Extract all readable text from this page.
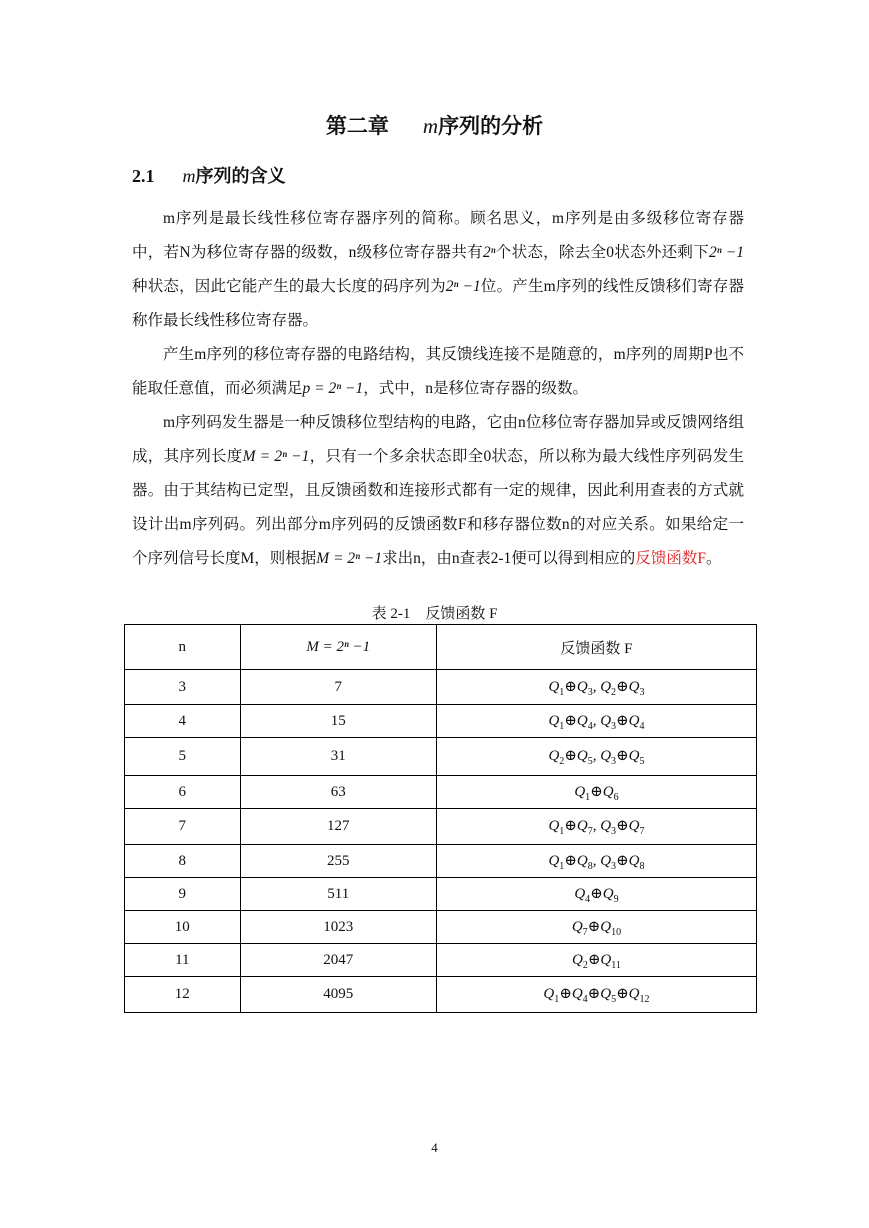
第二章 m序列的分析
2.1 m序列的含义

m序列是最长线性移位寄存器序列的简称。顾名思义，m序列是由多级移位寄存器中，若N为移位寄存器的级数，n级移位寄存器共有2ⁿ个状态，除去全0状态外还剩下2ⁿ −1种状态，因此它能产生的最大长度的码序列为2ⁿ −1位。产生m序列的线性反馈移们寄存器称作最长线性移位寄存器。

产生m序列的移位寄存器的电路结构，其反馈线连接不是随意的，m序列的周期P也不能取任意值，而必须满足p = 2ⁿ −1，式中，n是移位寄存器的级数。

m序列码发生器是一种反馈移位型结构的电路，它由n位移位寄存器加异或反馈网络组成，其序列长度M = 2ⁿ −1，只有一个多余状态即全0状态，所以称为最大线性序列码发生器。由于其结构已定型，且反馈函数和连接形式都有一定的规律，因此利用查表的方式就设计出m序列码。列出部分m序列码的反馈函数F和移存器位数n的对应关系。如果给定一个序列信号长度M，则根据M = 2ⁿ −1求出n，由n查表2-1便可以得到相应的反馈函数F。

表 2-1　反馈函数 F
n	M = 2ⁿ −1	反馈函数 F
3	7	$Q_1\oplus Q_3$, $Q_2\oplus Q_3$
4	15	$Q_1\oplus Q_4$, $Q_3\oplus Q_4$
5	31	$Q_2\oplus Q_5$, $Q_3\oplus Q_5$
6	63	$Q_1\oplus Q_6$
7	127	$Q_1\oplus Q_7$, $Q_3\oplus Q_7$
8	255	$Q_1\oplus Q_8$, $Q_3\oplus Q_8$
9	511	$Q_4\oplus Q_9$
10	1023	$Q_7\oplus Q_{10}$
11	2047	$Q_2\oplus Q_{11}$
12	4095	$Q_1\oplus Q_4\oplus Q_5\oplus Q_{12}$
4
